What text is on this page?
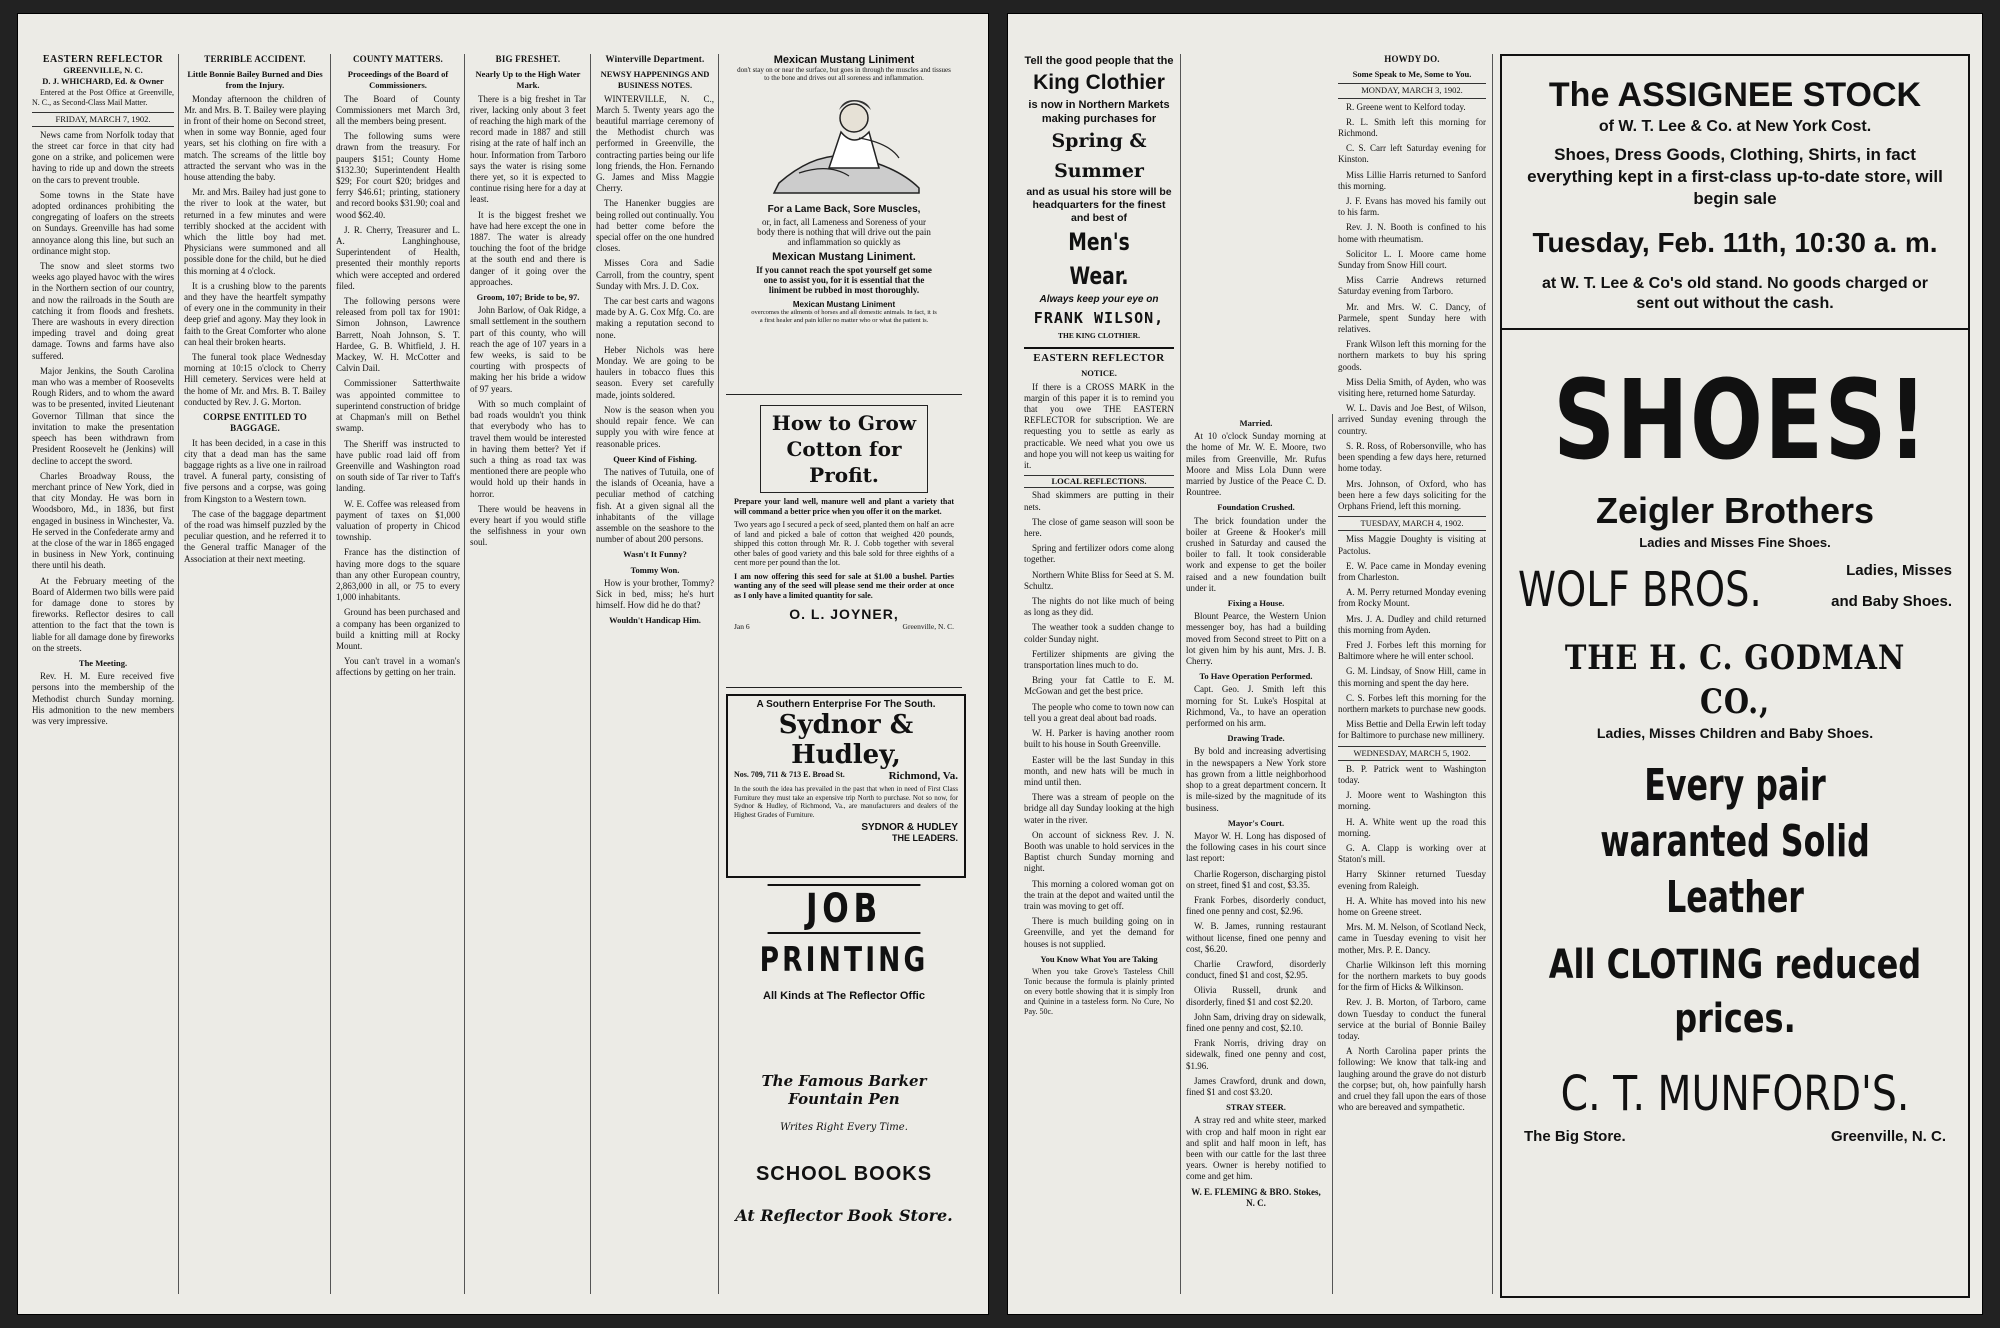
EASTERN REFLECTOR
GREENVILLE, N. C.
D. J. WHICHARD, Ed. & Owner

Entered at the Post Office at Greenville, N. C., as Second-Class Mail Matter.

FRIDAY, MARCH 7, 1902.

News came from Norfolk today that the street car force in that city had gone on a strike, and policemen were having to ride up and down the streets on the cars to prevent trouble.

Some towns in the State have adopted ordinances prohibiting the congregating of loafers on the streets on Sundays. Greenville has had some annoyance along this line, but such an ordinance might stop.

The snow and sleet storms two weeks ago played havoc with the wires in the Northern section of our country, and now the railroads in the South are catching it from floods and freshets. There are washouts in every direction impeding travel and doing great damage. Towns and farms have also suffered.

Major Jenkins, the South Carolina man who was a member of Roosevelts Rough Riders, and to whom the award was to be presented, invited Lieutenant Governor Tillman that since the invitation to make the presentation speech has been withdrawn from President Roosevelt he (Jenkins) will decline to accept the sword.

Charles Broadway Rouss, the merchant prince of New York, died in that city Monday. He was born in Woodsboro, Md., in 1836, but first engaged in business in Winchester, Va. He served in the Confederate army and at the close of the war in 1865 engaged in business in New York, continuing there until his death.

At the February meeting of the Board of Aldermen two bills were paid for damage done to stores by fireworks. Reflector desires to call attention to the fact that the town is liable for all damage done by fireworks on the streets.

The Meeting.

Rev. H. M. Eure received five persons into the membership of the Methodist church Sunday morning. His admonition to the new members was very impressive.

TERRIBLE ACCIDENT.
Little Bonnie Bailey Burned and Dies from the Injury.

Monday afternoon the children of Mr. and Mrs. B. T. Bailey were playing in front of their home on Second street, when in some way Bonnie, aged four years, set his clothing on fire with a match. The screams of the little boy attracted the servant who was in the house attending the baby.

Mr. and Mrs. Bailey had just gone to the river to look at the water, but returned in a few minutes and were terribly shocked at the accident with which the little boy had met. Physicians were summoned and all possible done for the child, but he died this morning at 4 o'clock.

It is a crushing blow to the parents and they have the heartfelt sympathy of every one in the community in their deep grief and agony. May they look in faith to the Great Comforter who alone can heal their broken hearts.

The funeral took place Wednesday morning at 10:15 o'clock to Cherry Hill cemetery. Services were held at the home of Mr. and Mrs. B. T. Bailey conducted by Rev. J. G. Morton.

CORPSE ENTITLED TO BAGGAGE.

It has been decided, in a case in this city that a dead man has the same baggage rights as a live one in railroad travel. A funeral party, consisting of five persons and a corpse, was going from Kingston to a Western town.

The case of the baggage department of the road was himself puzzled by the peculiar question, and he referred it to the General traffic Manager of the Association at their next meeting.

COUNTY MATTERS.
Proceedings of the Board of Commissioners.

The Board of County Commissioners met March 3rd, all the members being present.

The following sums were drawn from the treasury. For paupers $151; County Home $132.30; Superintendent Health $29; For court $20; bridges and ferry $46.61; printing, stationery and record books $31.90; coal and wood $62.40.

J. R. Cherry, Treasurer and L. A. Langhinghouse, Superintendent of Health, presented their monthly reports which were accepted and ordered filed.

The following persons were released from poll tax for 1901: Simon Johnson, Lawrence Barrett, Noah Johnson, S. T. Hardee, G. B. Whitfield, J. H. Mackey, W. H. McCotter and Calvin Dail.

Commissioner Satterthwaite was appointed committee to superintend construction of bridge at Chapman's mill on Bethel swamp.

The Sheriff was instructed to have public road laid off from Greenville and Washington road on south side of Tar river to Taft's landing.

W. E. Coffee was released from payment of taxes on $1,000 valuation of property in Chicod township.

France has the distinction of having more dogs to the square than any other European country, 2,863,000 in all, or 75 to every 1,000 inhabitants.

Ground has been purchased and a company has been organized to build a knitting mill at Rocky Mount.

You can't travel in a woman's affections by getting on her train.

BIG FRESHET.
Nearly Up to the High Water Mark.

There is a big freshet in Tar river, lacking only about 3 feet of reaching the high mark of the record made in 1887 and still rising at the rate of half inch an hour. Information from Tarboro says the water is rising some there yet, so it is expected to continue rising here for a day at least.

It is the biggest freshet we have had here except the one in 1887. The water is already touching the foot of the bridge at the south end and there is danger of it going over the approaches.

Groom, 107; Bride to be, 97.

John Barlow, of Oak Ridge, a small settlement in the southern part of this county, who will reach the age of 107 years in a few weeks, is said to be courting with prospects of making her his bride a widow of 97 years.

With so much complaint of bad roads wouldn't you think that everybody who has to travel them would be interested in having them better? Yet if such a thing as road tax was mentioned there are people who would hold up their hands in horror.

There would be heavens in every heart if you would stifle the selfishness in your own soul.

Winterville Department.
NEWSY HAPPENINGS AND BUSINESS NOTES.

WINTERVILLE, N. C., March 5. Twenty years ago the beautiful marriage ceremony of the Methodist church was performed in Greenville, the contracting parties being our life long friends, the Hon. Fernando G. James and Miss Maggie Cherry.

The Hanenker buggies are being rolled out continually. You had better come before the special offer on the one hundred closes.

Misses Cora and Sadie Carroll, from the country, spent Sunday with Mrs. J. D. Cox.

The car best carts and wagons made by A. G. Cox Mfg. Co. are making a reputation second to none.

Heber Nichols was here Monday. We are going to be haulers in tobacco flues this season. Every set carefully made, joints soldered.

Now is the season when you should repair fence. We can supply you with wire fence at reasonable prices.

Queer Kind of Fishing.

The natives of Tutuila, one of the islands of Oceania, have a peculiar method of catching fish. At a given signal all the inhabitants of the village assemble on the seashore to the number of about 200 persons.

Wasn't It Funny?
Tommy Won.

How is your brother, Tommy? Sick in bed, miss; he's hurt himself. How did he do that?

Wouldn't Handicap Him.
Mexican Mustang Liniment
don't stay on or near the surface, but goes in through the muscles and tissues to the bone and drives out all soreness and inflammation.
For a Lame Back, Sore Muscles,
or, in fact, all Lameness and Soreness of your body there is nothing that will drive out the pain and inflammation so quickly as
Mexican Mustang Liniment.
If you cannot reach the spot yourself get some one to assist you, for it is essential that the liniment be rubbed in most thoroughly.
Mexican Mustang Liniment
overcomes the ailments of horses and all domestic animals. In fact, it is a first healer and pain killer no matter who or what the patient is.
How to Grow Cotton for Profit.

Prepare your land well, manure well and plant a variety that will command a better price when you offer it on the market.

Two years ago I secured a peck of seed, planted them on half an acre of land and picked a bale of cotton that weighed 420 pounds, shipped this cotton through Mr. R. J. Cobb together with several other bales of good variety and this bale sold for three eighths of a cent more per pound than the lot.

I am now offering this seed for sale at $1.00 a bushel. Parties wanting any of the seed will please send me their order at once as I only have a limited quantity for sale.

O. L. JOYNER,
Jan 6	Greenville, N. C.
A Southern Enterprise For The South.
Sydnor & Hudley,
Nos. 709, 711 & 713 E. Broad St.	Richmond, Va.
In the south the idea has prevailed in the past that when in need of First Class Furniture they must take an expensive trip North to purchase. Not so now, for Sydnor & Hudley, of Richmond, Va., are manufacturers and dealers of the Highest Grades of Furniture.
SYDNOR & HUDLEY
THE LEADERS.
JOB
PRINTING
All Kinds at The Reflector Offic
The Famous Barker Fountain Pen
Writes Right Every Time.
SCHOOL BOOKS
At Reflector Book Store.
Tell the good people that the
King Clothier
is now in Northern Markets making purchases for
Spring & Summer
and as usual his store will be headquarters for the finest and best of
Men's Wear.
Always keep your eye on
FRANK WILSON,
THE KING CLOTHIER.
EASTERN REFLECTOR
NOTICE.

If there is a CROSS MARK in the margin of this paper it is to remind you that you owe THE EASTERN REFLECTOR for subscription. We are requesting you to settle as early as practicable. We need what you owe us and hope you will not keep us waiting for it.

LOCAL REFLECTIONS.

Shad skimmers are putting in their nets.

The close of game season will soon be here.

Spring and fertilizer odors come along together.

Northern White Bliss for Seed at S. M. Schultz.

The nights do not like much of being as long as they did.

The weather took a sudden change to colder Sunday night.

Fertilizer shipments are giving the transportation lines much to do.

Bring your fat Cattle to E. M. McGowan and get the best price.

The people who come to town now can tell you a great deal about bad roads.

W. H. Parker is having another room built to his house in South Greenville.

Easter will be the last Sunday in this month, and new hats will be much in mind until then.

There was a stream of people on the bridge all day Sunday looking at the high water in the river.

On account of sickness Rev. J. N. Booth was unable to hold services in the Baptist church Sunday morning and night.

This morning a colored woman got on the train at the depot and waited until the train was moving to get off.

There is much building going on in Greenville, and yet the demand for houses is not supplied.

You Know What You are Taking

When you take Grove's Tasteless Chill Tonic because the formula is plainly printed on every bottle showing that it is simply Iron and Quinine in a tasteless form. No Cure, No Pay. 50c.

Married.

At 10 o'clock Sunday morning at the home of Mr. W. E. Moore, two miles from Greenville, Mr. Rufus Moore and Miss Lola Dunn were married by Justice of the Peace C. D. Rountree.

Foundation Crushed.

The brick foundation under the boiler at Greene & Hooker's mill crushed in Saturday and caused the boiler to fall. It took considerable work and expense to get the boiler raised and a new foundation built under it.

Fixing a House.

Blount Pearce, the Western Union messenger boy, has had a building moved from Second street to Pitt on a lot given him by his aunt, Mrs. J. B. Cherry.

To Have Operation Performed.

Capt. Geo. J. Smith left this morning for St. Luke's Hospital at Richmond, Va., to have an operation performed on his arm.

Drawing Trade.

By bold and increasing advertising in the newspapers a New York store has grown from a little neighborhood shop to a great department concern. It is mile-sized by the magnitude of its business.

Mayor's Court.

Mayor W. H. Long has disposed of the following cases in his court since last report:

Charlie Rogerson, discharging pistol on street, fined $1 and cost, $3.35.

Frank Forbes, disorderly conduct, fined one penny and cost, $2.96.

W. B. James, running restaurant without license, fined one penny and cost, $6.20.

Charlie Crawford, disorderly conduct, fined $1 and cost, $2.95.

Olivia Russell, drunk and disorderly, fined $1 and cost $2.20.

John Sam, driving dray on sidewalk, fined one penny and cost, $2.10.

Frank Norris, driving dray on sidewalk, fined one penny and cost, $1.96.

James Crawford, drunk and down, fined $1 and cost $3.20.

STRAY STEER.

A stray red and white steer, marked with crop and half moon in right ear and split and half moon in left, has been with our cattle for the last three years. Owner is hereby notified to come and get him.

W. E. FLEMING & BRO. Stokes, N. C.

HOWDY DO.
Some Speak to Me, Some to You.
MONDAY, MARCH 3, 1902.

R. Greene went to Kelford today.

R. L. Smith left this morning for Richmond.

C. S. Carr left Saturday evening for Kinston.

Miss Lillie Harris returned to Sanford this morning.

J. F. Evans has moved his family out to his farm.

Rev. J. N. Booth is confined to his home with rheumatism.

Solicitor L. I. Moore came home Sunday from Snow Hill court.

Miss Carrie Andrews returned Saturday evening from Tarboro.

Mr. and Mrs. W. C. Dancy, of Parmele, spent Sunday here with relatives.

Frank Wilson left this morning for the northern markets to buy his spring goods.

Miss Delia Smith, of Ayden, who was visiting here, returned home Saturday.

W. L. Davis and Joe Best, of Wilson, arrived Sunday evening through the country.

S. R. Ross, of Robersonville, who has been spending a few days here, returned home today.

Mrs. Johnson, of Oxford, who has been here a few days soliciting for the Orphans Friend, left this morning.

TUESDAY, MARCH 4, 1902.

Miss Maggie Doughty is visiting at Pactolus.

E. W. Pace came in Monday evening from Charleston.

A. M. Perry returned Monday evening from Rocky Mount.

Mrs. J. A. Dudley and child returned this morning from Ayden.

Fred J. Forbes left this morning for Baltimore where he will enter school.

G. M. Lindsay, of Snow Hill, came in this morning and spent the day here.

C. S. Forbes left this morning for the northern markets to purchase new goods.

Miss Bettie and Della Erwin left today for Baltimore to purchase new millinery.

WEDNESDAY, MARCH 5, 1902.

B. P. Patrick went to Washington today.

J. Moore went to Washington this morning.

H. A. White went up the road this morning.

G. A. Clapp is working over at Staton's mill.

Harry Skinner returned Tuesday evening from Raleigh.

H. A. White has moved into his new home on Greene street.

Mrs. M. M. Nelson, of Scotland Neck, came in Tuesday evening to visit her mother, Mrs. P. E. Dancy.

Charlie Wilkinson left this morning for the northern markets to buy goods for the firm of Hicks & Wilkinson.

Rev. J. B. Morton, of Tarboro, came down Tuesday to conduct the funeral service at the burial of Bonnie Bailey today.

A North Carolina paper prints the following: We know that talk-ing and laughing around the grave do not disturb the corpse; but, oh, how painfully harsh and cruel they fall upon the ears of those who are bereaved and sympathetic.

The ASSIGNEE STOCK
of W. T. Lee & Co. at New York Cost.
Shoes, Dress Goods, Clothing, Shirts, in fact everything kept in a first-class up-to-date store, will begin sale
Tuesday, Feb. 11th, 10:30 a. m.
at W. T. Lee & Co's old stand. No goods charged or sent out without the cash.
SHOES!
Zeigler Brothers
Ladies and Misses Fine Shoes.
WOLF BROS.	Ladies, Misses
and Baby Shoes.
THE H. C. GODMAN CO.,
Ladies, Misses Children and Baby Shoes.
Every pair waranted Solid Leather
All CLOTING reduced prices.
C. T. MUNFORD'S.
The Big Store.	Greenville, N. C.
